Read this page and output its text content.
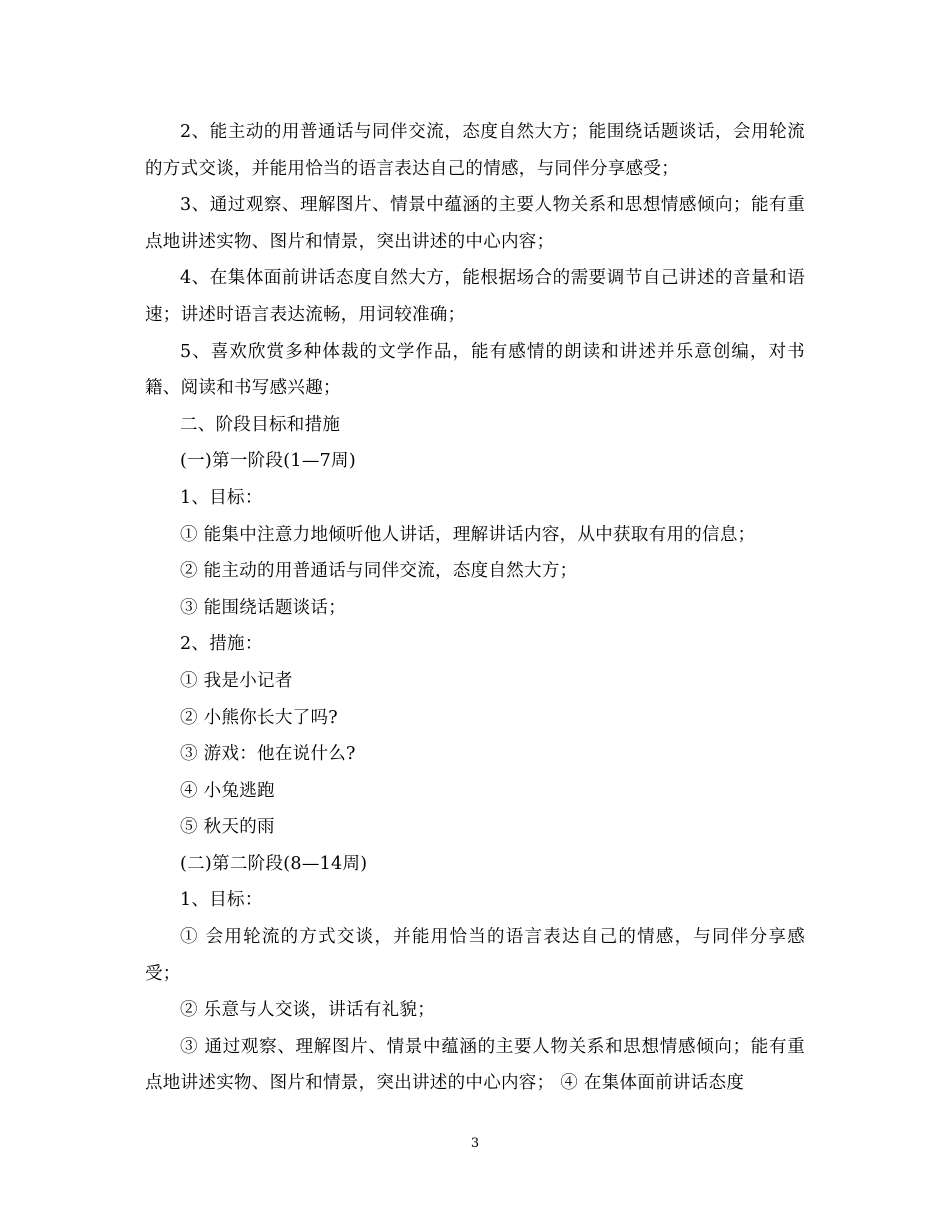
2、能主动的用普通话与同伴交流，态度自然大方；能围绕话题谈话，会用轮流的方式交谈，并能用恰当的语言表达自己的情感，与同伴分享感受；

3、通过观察、理解图片、情景中蕴涵的主要人物关系和思想情感倾向；能有重点地讲述实物、图片和情景，突出讲述的中心内容；

4、在集体面前讲话态度自然大方，能根据场合的需要调节自己讲述的音量和语速；讲述时语言表达流畅，用词较准确；

5、喜欢欣赏多种体裁的文学作品，能有感情的朗读和讲述并乐意创编，对书籍、阅读和书写感兴趣；

二、阶段目标和措施

(一)第一阶段(1—7周)

1、目标：

① 能集中注意力地倾听他人讲话，理解讲话内容，从中获取有用的信息；

② 能主动的用普通话与同伴交流，态度自然大方；

③ 能围绕话题谈话；

2、措施：

① 我是小记者

② 小熊你长大了吗?

③ 游戏：他在说什么?

④ 小兔逃跑

⑤ 秋天的雨

(二)第二阶段(8—14周)

1、目标：

① 会用轮流的方式交谈，并能用恰当的语言表达自己的情感，与同伴分享感受；

② 乐意与人交谈，讲话有礼貌；

③ 通过观察、理解图片、情景中蕴涵的主要人物关系和思想情感倾向；能有重点地讲述实物、图片和情景，突出讲述的中心内容； ④ 在集体面前讲话态度

3
